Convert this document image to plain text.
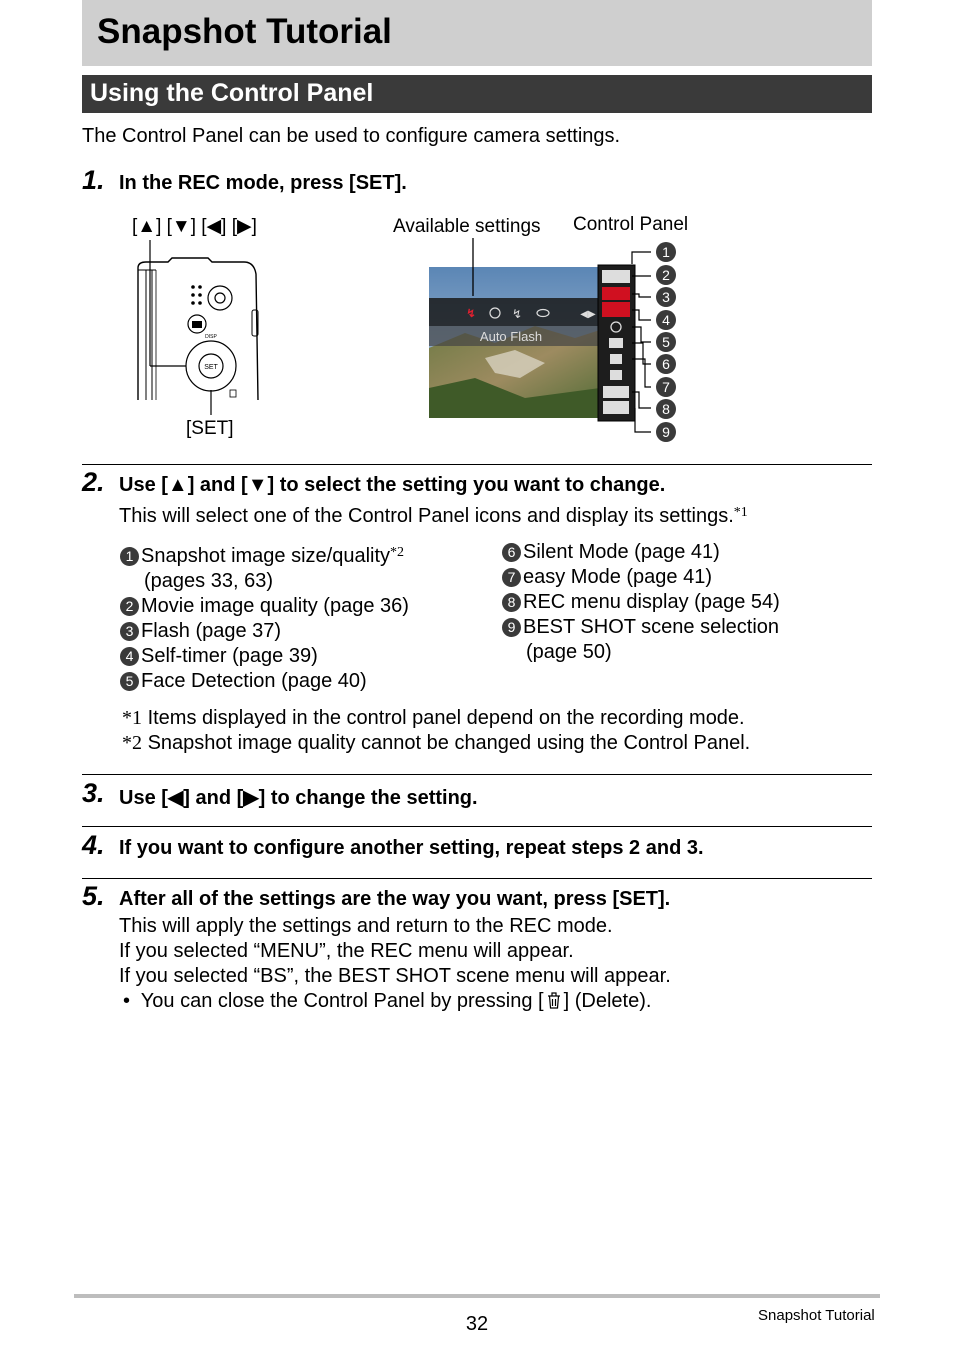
Snapshot Tutorial
Using the Control Panel
The Control Panel can be used to configure camera settings.
1. In the REC mode, press [SET].
[▲] [▼] [◀] [▶]
[SET]
Available settings Control Panel
SET
DISP	Auto Flash
↯	↯	◀▶
1
2
3
4
5
6
7
8
9
2. Use [▲] and [▼] to select the setting you want to change.
This will select one of the Control Panel icons and display its settings.$^{*1}$
1 Snapshot image size/quality$^{*2}$
(pages 33, 63)
2 Movie image quality (page 36)
3 Flash (page 37)
4 Self-timer (page 39)
5 Face Detection (page 40)
6 Silent Mode (page 41)
7 easy Mode (page 41)
8 REC menu display (page 54)
9 BEST SHOT scene selection
(page 50)
*1 Items displayed in the control panel depend on the recording mode.
*2 Snapshot image quality cannot be changed using the Control Panel.
3. Use [◀] and [▶] to change the setting.
4. If you want to configure another setting, repeat steps 2 and 3.
5. After all of the settings are the way you want, press [SET].
This will apply the settings and return to the REC mode.
If you selected “MENU”, the REC menu will appear.
If you selected “BS”, the BEST SHOT scene menu will appear.
•  You can close the Control Panel by pressing [ ] (Delete).
32	Snapshot Tutorial
